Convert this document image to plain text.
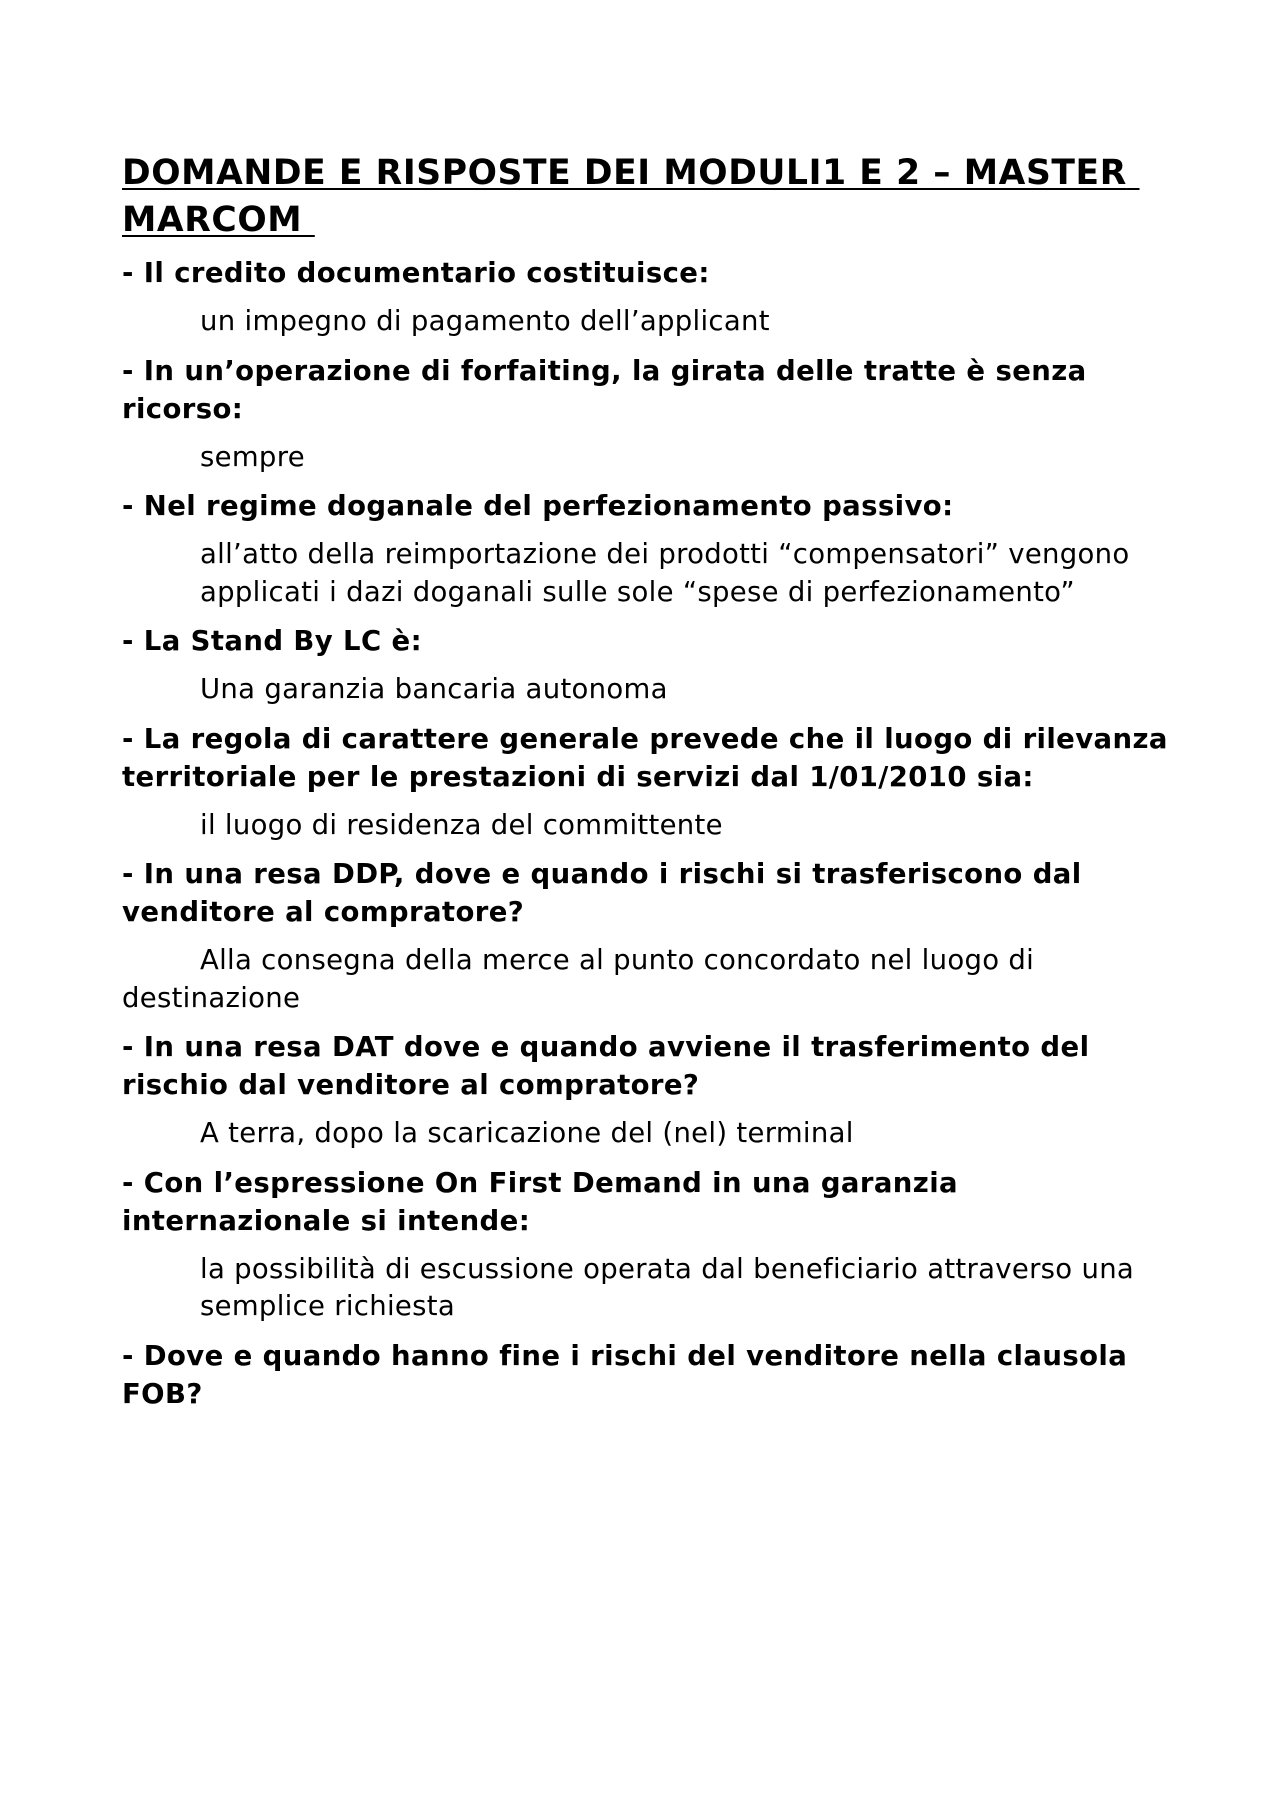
DOMANDE E RISPOSTE DEI MODULI1 E 2 – MASTER MARCOM

- Il credito documentario costituisce:

un impegno di pagamento dell’applicant

- In un’operazione di forfaiting, la girata delle tratte è senza ricorso:

sempre

- Nel regime doganale del perfezionamento passivo:

all’atto della reimportazione dei prodotti “compensatori” vengono applicati i dazi doganali sulle sole “spese di perfezionamento”

- La Stand By LC è:

Una garanzia bancaria autonoma

- La regola di carattere generale prevede che il luogo di rilevanza territoriale per le prestazioni di servizi dal 1/01/2010 sia:

il luogo di residenza del committente

- In una resa DDP, dove e quando i rischi si trasferiscono dal venditore al compratore?

Alla consegna della merce al punto concordato nel luogo di destinazione

- In una resa DAT dove e quando avviene il trasferimento del rischio dal venditore al compratore?

A terra, dopo la scaricazione del (nel) terminal

- Con l’espressione On First Demand in una garanzia internazionale si intende:

la possibilità di escussione operata dal beneficiario attraverso una semplice richiesta

- Dove e quando hanno fine i rischi del venditore nella clausola FOB?
